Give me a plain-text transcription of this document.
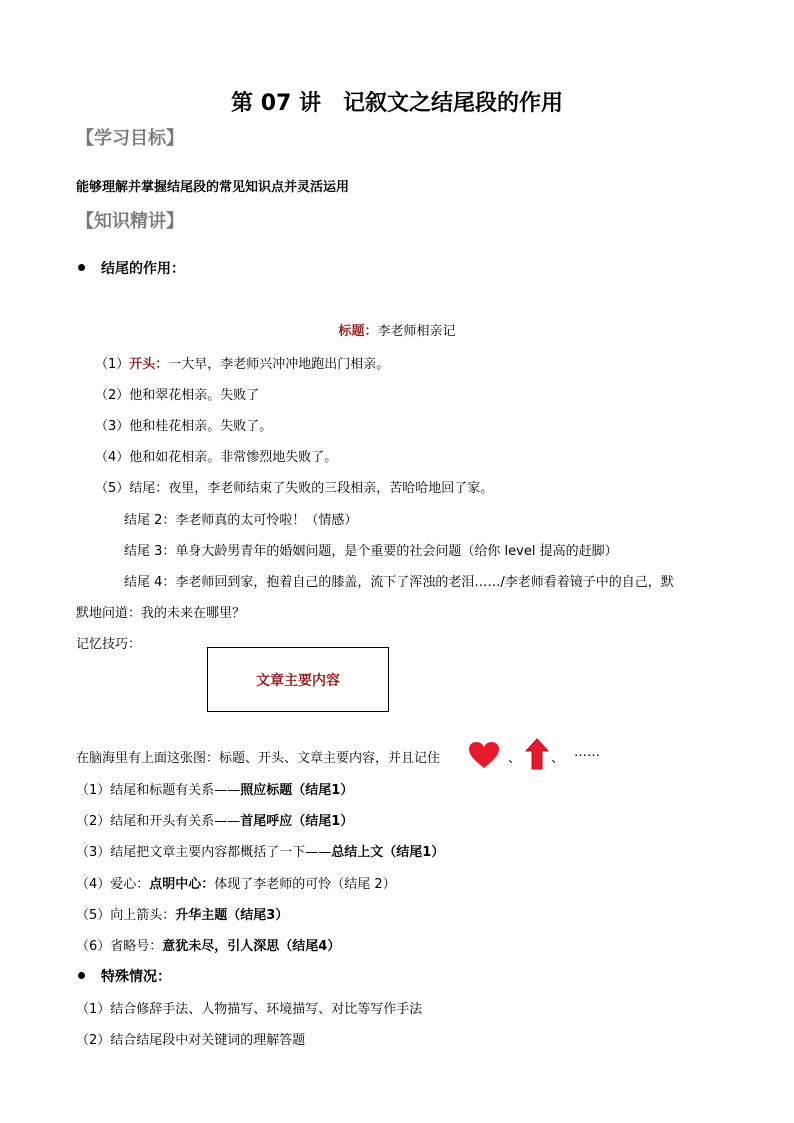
第 07 讲　记叙文之结尾段的作用
【学习目标】
能够理解并掌握结尾段的常见知识点并灵活运用
【知识精讲】
结尾的作用：
标题：李老师相亲记
（1）开头：一大早，李老师兴冲冲地跑出门相亲。
（2）他和翠花相亲。失败了
（3）他和桂花相亲。失败了。
（4）他和如花相亲。非常惨烈地失败了。
（5）结尾：夜里，李老师结束了失败的三段相亲，苦哈哈地回了家。
结尾 2：李老师真的太可怜啦！（情感）
结尾 3：单身大龄男青年的婚姻问题，是个重要的社会问题（给你 level 提高的赶脚）
结尾 4：李老师回到家，抱着自己的膝盖，流下了浑浊的老泪……/李老师看着镜子中的自己，默
默地问道：我的未来在哪里？
记忆技巧：
文章主要内容
在脑海里有上面这张图：标题、开头、文章主要内容，并且记住	、 、 ……
（1）结尾和标题有关系——照应标题（结尾1）
（2）结尾和开头有关系——首尾呼应（结尾1）
（3）结尾把文章主要内容都概括了一下——总结上文（结尾1）
（4）爱心：点明中心：体现了李老师的可怜（结尾 2）
（5）向上箭头：升华主题（结尾3）
（6）省略号：意犹未尽，引人深思（结尾4）
特殊情况：
（1）结合修辞手法、人物描写、环境描写、对比等写作手法
（2）结合结尾段中对关键词的理解答题
